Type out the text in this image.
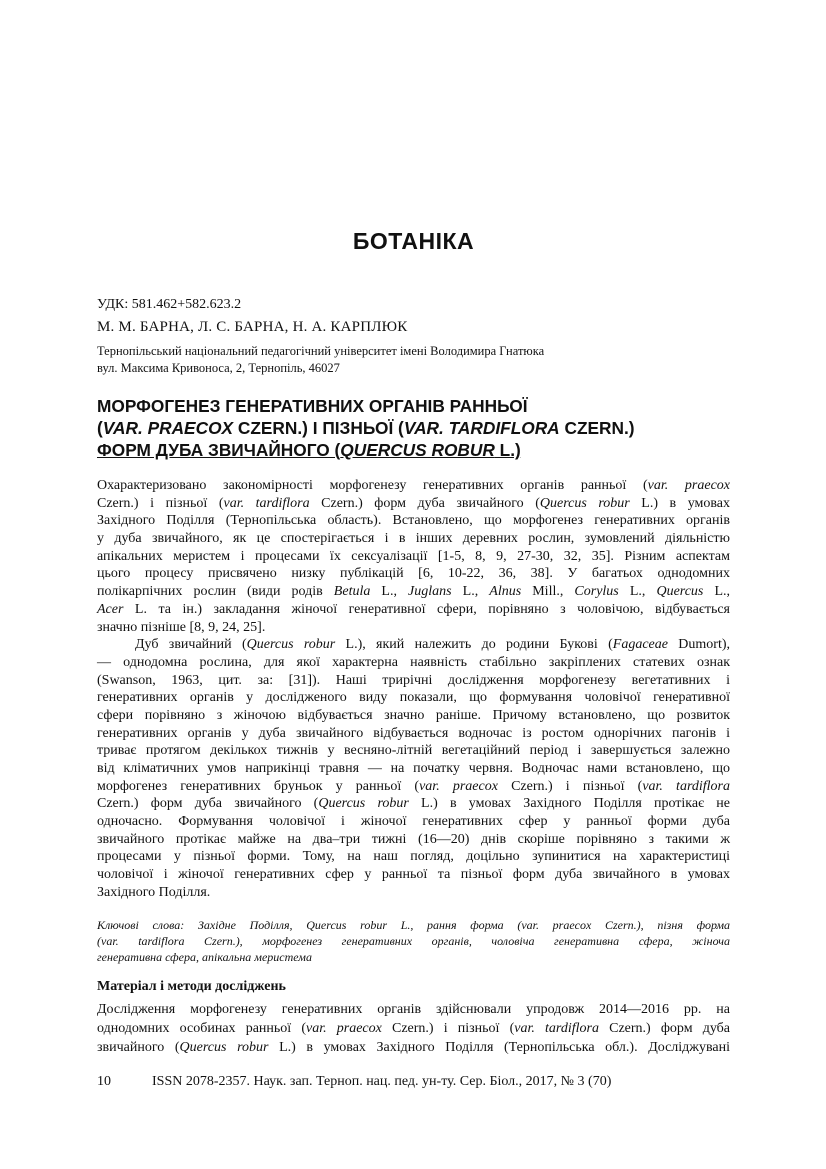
БОТАНІКА
УДК: 581.462+582.623.2
М. М. БАРНА, Л. С. БАРНА, Н. А. КАРПЛЮК
Тернопільський національний педагогічний університет імені Володимира Гнатюка
вул. Максима Кривоноса, 2, Тернопіль, 46027
МОРФОГЕНЕЗ ГЕНЕРАТИВНИХ ОРГАНІВ РАННЬОЇ
(VAR. PRAECOX CZERN.) І ПІЗНЬОЇ (VAR. TARDIFLORA CZERN.)
ФОРМ ДУБА ЗВИЧАЙНОГО (QUERCUS ROBUR L.)
Охарактеризовано закономірності морфогенезу генеративних органів ранньої (var. praecox
Czern.) і пізньої (var. tardiflora Czern.) форм дуба звичайного (Quercus robur L.) в умовах
Західного Поділля (Тернопільська область). Встановлено, що морфогенез генеративних органів
у дуба звичайного, як це спостерігається і в інших деревних рослин, зумовлений діяльністю
апікальних меристем і процесами їх сексуалізації [1-5, 8, 9, 27-30, 32, 35]. Різним аспектам
цього процесу присвячено низку публікацій [6, 10-22, 36, 38]. У багатьох однодомних
полікарпічних рослин (види родів Betula L., Juglans L., Alnus Mill., Corylus L., Quercus L.,
Acer L. та ін.) закладання жіночої генеративної сфери, порівняно з чоловічою, відбувається
значно пізніше [8, 9, 24, 25].
Дуб звичайний (Quercus robur L.), який належить до родини Букові (Fagaceae Dumort),
— однодомна рослина, для якої характерна наявність стабільно закріплених статевих ознак
(Swanson, 1963, цит. за: [31]). Наші трирічні дослідження морфогенезу вегетативних і
генеративних органів у дослідженого виду показали, що формування чоловічої генеративної
сфери порівняно з жіночою відбувається значно раніше. Причому встановлено, що розвиток
генеративних органів у дуба звичайного відбувається водночас із ростом однорічних пагонів і
триває протягом декількох тижнів у весняно-літній вегетаційний період і завершується залежно
від кліматичних умов наприкінці травня — на початку червня. Водночас нами встановлено, що
морфогенез генеративних бруньок у ранньої (var. praecox Czern.) і пізньої (var. tardiflora
Czern.) форм дуба звичайного (Quercus robur L.) в умовах Західного Поділля протікає не
одночасно. Формування чоловічої і жіночої генеративних сфер у ранньої форми дуба
звичайного протікає майже на два–три тижні (16—20) днів скоріше порівняно з такими ж
процесами у пізньої форми. Тому, на наш погляд, доцільно зупинитися на характеристиці
чоловічої і жіночої генеративних сфер у ранньої та пізньої форм дуба звичайного в умовах
Західного Поділля.
Ключові слова: Західне Поділля, Quercus robur L., рання форма (var. praecox Czern.), пізня форма
(var. tardiflora Czern.), морфогенез генеративних органів, чоловіча генеративна сфера, жіноча
генеративна сфера, апікальна меристема
Матеріал і методи досліджень
Дослідження морфогенезу генеративних органів здійснювали упродовж 2014—2016 рр. на
однодомних особинах ранньої (var. praecox Czern.) і пізньої (var. tardiflora Czern.) форм дуба
звичайного (Quercus robur L.) в умовах Західного Поділля (Тернопільська обл.). Досліджувані
10	ISSN 2078-2357. Наук. зап. Терноп. нац. пед. ун-ту. Сер. Біол., 2017, № 3 (70)
